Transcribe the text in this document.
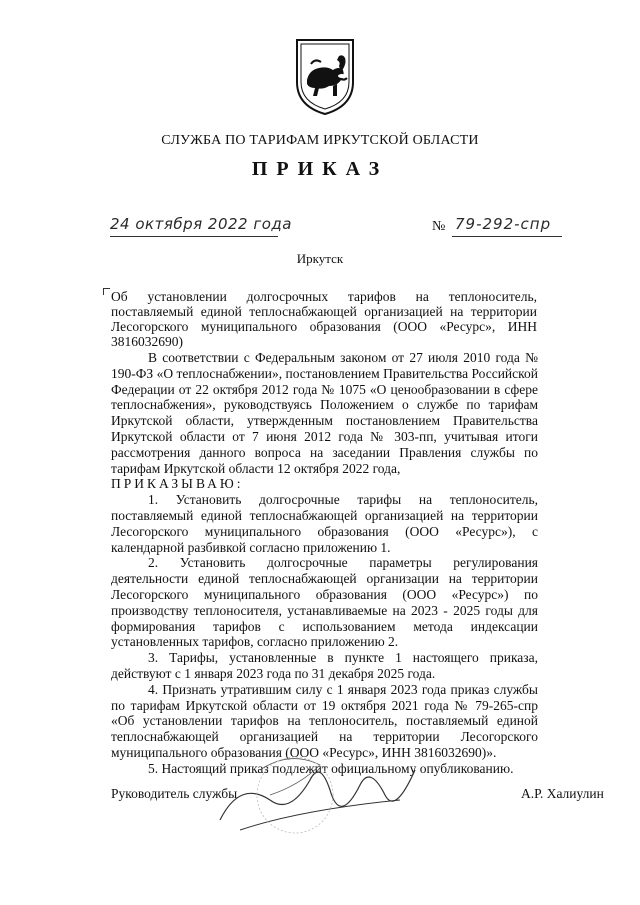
СЛУЖБА ПО ТАРИФАМ ИРКУТСКОЙ ОБЛАСТИ
ПРИКАЗ
24 октября 2022 года	№ 79-292-спр
Иркутск
Об установлении долгосрочных тарифов на теплоноситель, поставляемый единой теплоснабжающей организацией на территории Лесогорского муниципального образования (ООО «Ресурс», ИНН 3816032690)

В соответствии с Федеральным законом от 27 июля 2010 года № 190-ФЗ «О теплоснабжении», постановлением Правительства Российской Федерации от 22 октября 2012 года № 1075 «О ценообразовании в сфере теплоснабжения», руководствуясь Положением о службе по тарифам Иркутской области, утвержденным постановлением Правительства Иркутской области от 7 июня 2012 года № 303-пп, учитывая итоги рассмотрения данного вопроса на заседании Правления службы по тарифам Иркутской области 12 октября 2022 года,

ПРИКАЗЫВАЮ:

1. Установить долгосрочные тарифы на теплоноситель, поставляемый единой теплоснабжающей организацией на территории Лесогорского муниципального образования (ООО «Ресурс»), с календарной разбивкой согласно приложению 1.

2. Установить долгосрочные параметры регулирования деятельности единой теплоснабжающей организации на территории Лесогорского муниципального образования (ООО «Ресурс») по производству теплоносителя, устанавливаемые на 2023 - 2025 годы для формирования тарифов с использованием метода индексации установленных тарифов, согласно приложению 2.

3. Тарифы, установленные в пункте 1 настоящего приказа, действуют с 1 января 2023 года по 31 декабря 2025 года.

4. Признать утратившим силу с 1 января 2023 года приказ службы по тарифам Иркутской области от 19 октября 2021 года № 79-265-спр «Об установлении тарифов на теплоноситель, поставляемый единой теплоснабжающей организацией на территории Лесогорского муниципального образования (ООО «Ресурс», ИНН 3816032690)».

5. Настоящий приказ подлежит официальному опубликованию.

Руководитель службы	А.Р. Халиулин
